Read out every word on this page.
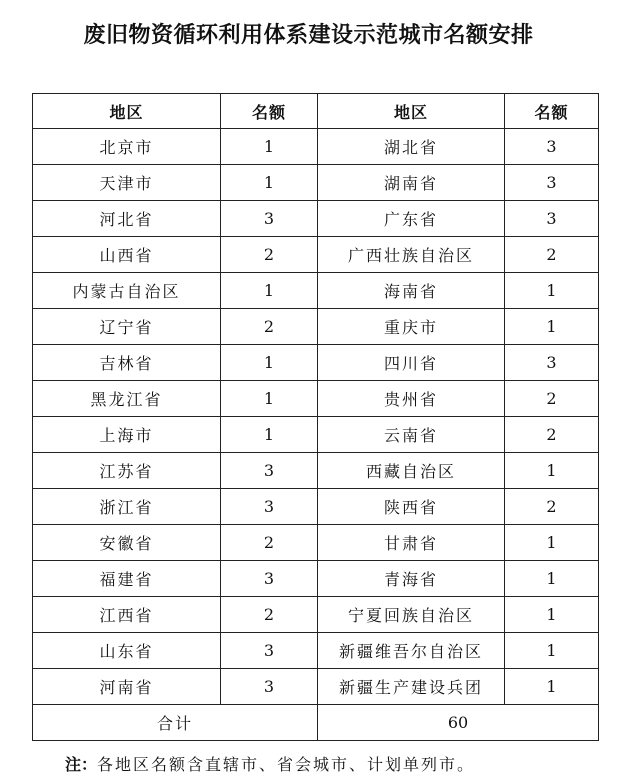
废旧物资循环利用体系建设示范城市名额安排
地区	名额	地区	名额
北京市	1	湖北省	3
天津市	1	湖南省	3
河北省	3	广东省	3
山西省	2	广西壮族自治区	2
内蒙古自治区	1	海南省	1
辽宁省	2	重庆市	1
吉林省	1	四川省	3
黑龙江省	1	贵州省	2
上海市	1	云南省	2
江苏省	3	西藏自治区	1
浙江省	3	陕西省	2
安徽省	2	甘肃省	1
福建省	3	青海省	1
江西省	2	宁夏回族自治区	1
山东省	3	新疆维吾尔自治区	1
河南省	3	新疆生产建设兵团	1
合计		60	
注：各地区名额含直辖市、省会城市、计划单列市。
